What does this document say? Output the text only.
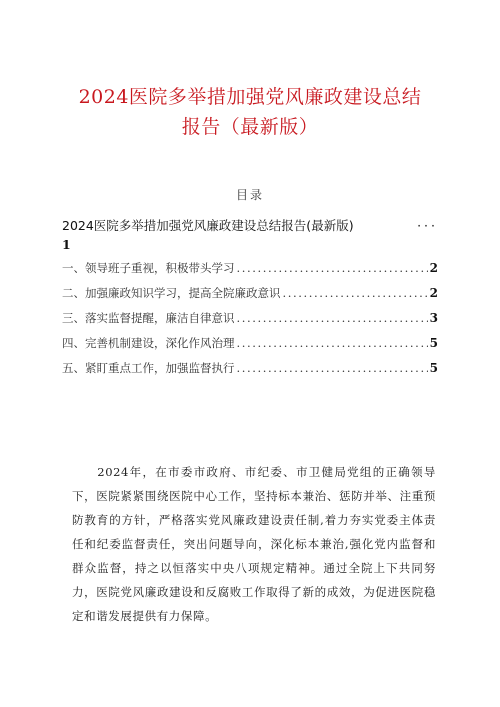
2024医院多举措加强党风廉政建设总结
报告（最新版）
目录
2024医院多举措加强党风廉政建设总结报告(最新版)	···
1
一、领导班子重视，积极带头学习 .....	2
二、加强廉政知识学习，提高全院廉政意识 .....	2
三、落实监督提醒，廉洁自律意识 .....	3
四、完善机制建设，深化作风治理 .....	5
五、紧盯重点工作，加强监督执行 .....	5

2024年，在市委市政府、市纪委、市卫健局党组的正确领导下，医院紧紧围绕医院中心工作，坚持标本兼治、惩防并举、注重预防教育的方针，严格落实党风廉政建设责任制,着力夯实党委主体责任和纪委监督责任，突出问题导向，深化标本兼治,强化党内监督和群众监督，持之以恒落实中央八项规定精神。通过全院上下共同努力，医院党风廉政建设和反腐败工作取得了新的成效，为促进医院稳定和谐发展提供有力保障。
